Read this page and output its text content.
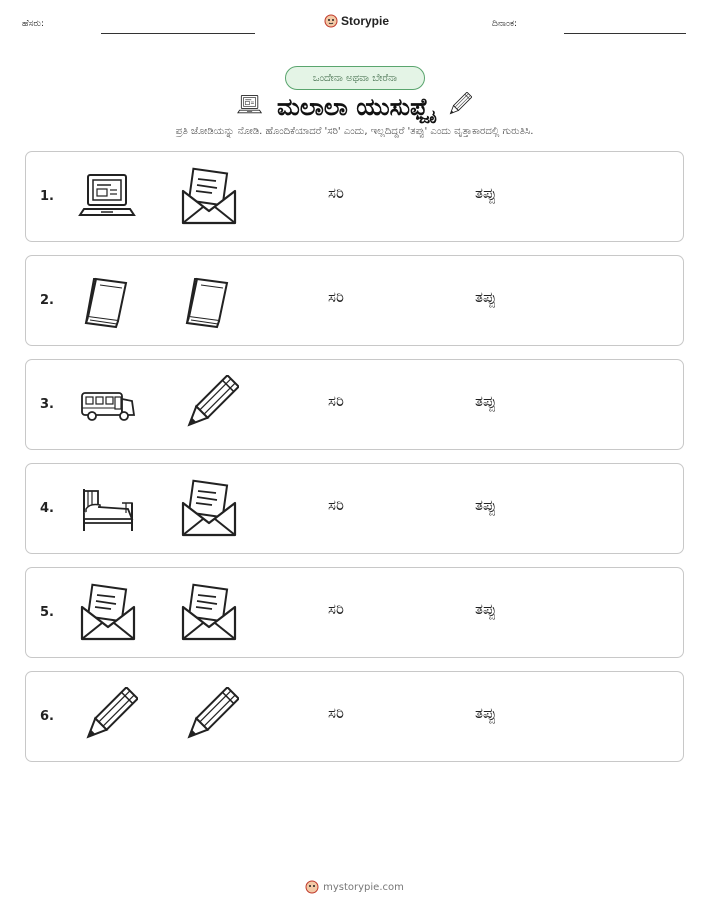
ಹೆಸರು:	Storypie	ದಿನಾಂಕ:
ಒಂದೇನಾ ಅಥವಾ ಬೇರೆನಾ
ಮಲಾಲಾ ಯುಸುಫ್ಜೈ
ಪ್ರತಿ ಜೋಡಿಯನ್ನು ನೋಡಿ. ಹೊಂದಿಕೆಯಾದರೆ 'ಸರಿ' ಎಂದು, ಇಲ್ಲದಿದ್ದರೆ 'ತಪ್ಪು' ಎಂದು ವೃತ್ತಾಕಾರದಲ್ಲಿ ಗುರುತಿಸಿ.
1.	ಸರಿ	ತಪ್ಪು
2.	ಸರಿ	ತಪ್ಪು
3.	ಸರಿ	ತಪ್ಪು
4.	ಸರಿ	ತಪ್ಪು
5.	ಸರಿ	ತಪ್ಪು
6.	ಸರಿ	ತಪ್ಪು
mystorypie.com
